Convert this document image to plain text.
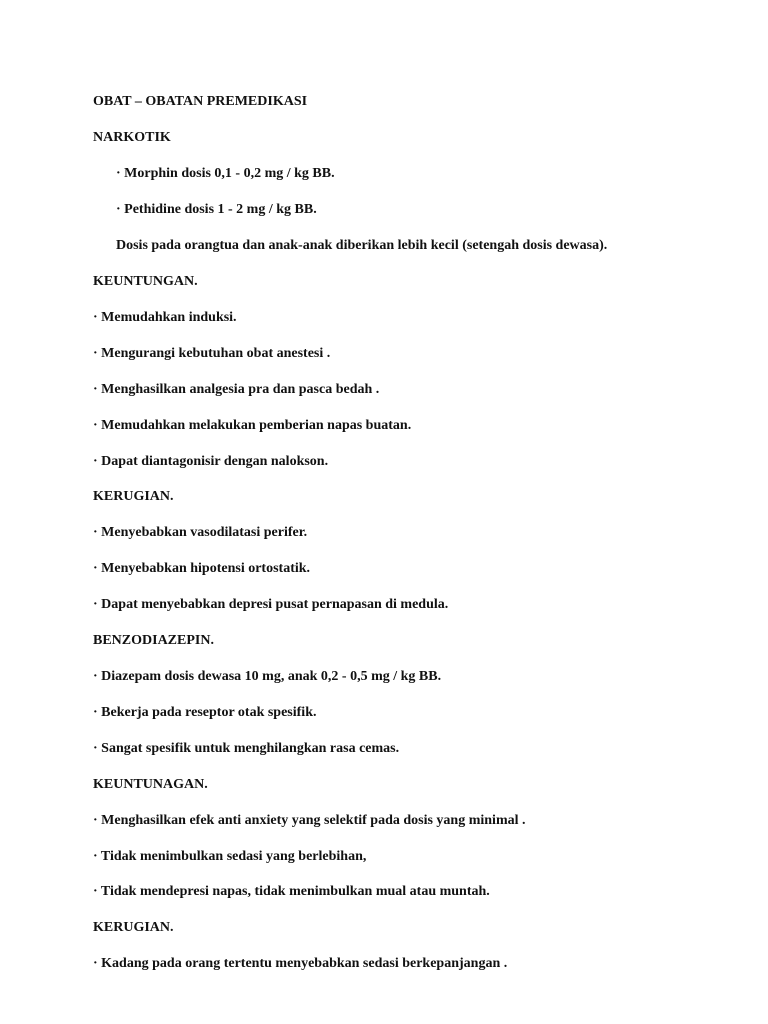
OBAT – OBATAN PREMEDIKASI
NARKOTIK
· Morphin dosis 0,1 - 0,2 mg / kg BB.
· Pethidine dosis 1 - 2 mg / kg BB.
Dosis pada orangtua dan anak-anak diberikan lebih kecil (setengah dosis dewasa).
KEUNTUNGAN.
· Memudahkan induksi.
· Mengurangi kebutuhan obat anestesi .
· Menghasilkan analgesia pra dan pasca bedah .
· Memudahkan melakukan pemberian napas buatan.
· Dapat diantagonisir dengan nalokson.
KERUGIAN.
· Menyebabkan vasodilatasi perifer.
· Menyebabkan hipotensi ortostatik.
· Dapat menyebabkan depresi pusat pernapasan di medula.
BENZODIAZEPIN.
· Diazepam dosis dewasa 10 mg, anak 0,2 - 0,5 mg / kg BB.
· Bekerja pada reseptor otak spesifik.
· Sangat spesifik untuk menghilangkan rasa cemas.
KEUNTUNAGAN.
· Menghasilkan efek anti anxiety yang selektif pada dosis yang minimal .
· Tidak menimbulkan sedasi yang berlebihan,
· Tidak mendepresi napas, tidak menimbulkan mual atau muntah.
KERUGIAN.
· Kadang pada orang tertentu menyebabkan sedasi berkepanjangan .
